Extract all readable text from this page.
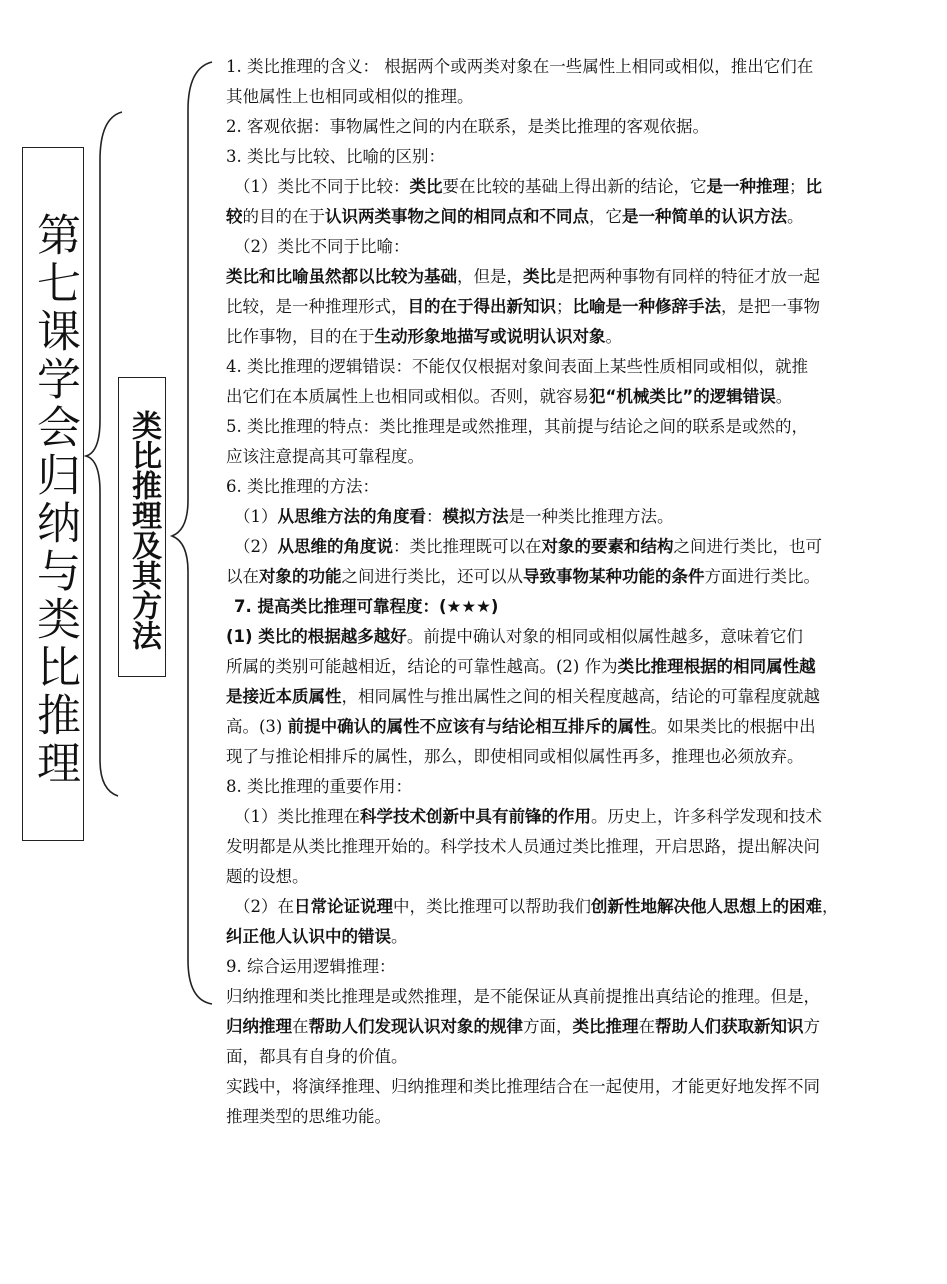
第七课学会归纳与类比推理 类比推理及其方法

1. 类比推理的含义： 根据两个或两类对象在一些属性上相同或相似，推出它们在

其他属性上也相同或相似的推理。

2. 客观依据：事物属性之间的内在联系，是类比推理的客观依据。

3. 类比与比较、比喻的区别：

（1）类比不同于比较：类比要在比较的基础上得出新的结论，它是一种推理；比

较的目的在于认识两类事物之间的相同点和不同点，它是一种简单的认识方法。

（2）类比不同于比喻：

类比和比喻虽然都以比较为基础，但是，类比是把两种事物有同样的特征才放一起

比较，是一种推理形式，目的在于得出新知识；比喻是一种修辞手法，是把一事物

比作事物，目的在于生动形象地描写或说明认识对象。

4. 类比推理的逻辑错误：不能仅仅根据对象间表面上某些性质相同或相似，就推

出它们在本质属性上也相同或相似。否则，就容易犯“机械类比”的逻辑错误。

5. 类比推理的特点：类比推理是或然推理，其前提与结论之间的联系是或然的，

应该注意提高其可靠程度。

6. 类比推理的方法：

（1）从思维方法的角度看：模拟方法是一种类比推理方法。

（2）从思维的角度说：类比推理既可以在对象的要素和结构之间进行类比，也可

以在对象的功能之间进行类比，还可以从导致事物某种功能的条件方面进行类比。

7. 提高类比推理可靠程度：(★★★)

(1) 类比的根据越多越好。前提中确认对象的相同或相似属性越多，意味着它们

所属的类别可能越相近，结论的可靠性越高。(2) 作为类比推理根据的相同属性越

是接近本质属性，相同属性与推出属性之间的相关程度越高，结论的可靠程度就越

高。(3) 前提中确认的属性不应该有与结论相互排斥的属性。如果类比的根据中出

现了与推论相排斥的属性，那么，即使相同或相似属性再多，推理也必须放弃。

8. 类比推理的重要作用：

（1）类比推理在科学技术创新中具有前锋的作用。历史上，许多科学发现和技术

发明都是从类比推理开始的。科学技术人员通过类比推理，开启思路，提出解决问

题的设想。

（2）在日常论证说理中，类比推理可以帮助我们创新性地解决他人思想上的困难，

纠正他人认识中的错误。

9. 综合运用逻辑推理：

归纳推理和类比推理是或然推理，是不能保证从真前提推出真结论的推理。但是，

归纳推理在帮助人们发现认识对象的规律方面，类比推理在帮助人们获取新知识方

面，都具有自身的价值。

实践中，将演绎推理、归纳推理和类比推理结合在一起使用，才能更好地发挥不同

推理类型的思维功能。
